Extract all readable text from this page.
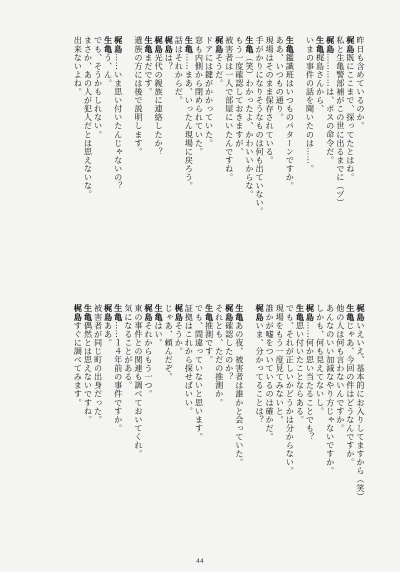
昨日も含めているのか。
梶島既にここまで、探ってたとはね。
私と生亀警部補がこの世に出るまでに（ヅ）
梶島…………は、ボスの命令だ。
生亀梶島さんから、
いまの事件の話を聞いたのは……。
生亀鑑識班はいつものパターンですか。
ああ、いつもの通り。
現場はそのまま保存されている。
手がかりになりそうなものは何も出ていない。
生亀（笑）わかったよ、かわいいからな。
もう一度確認しておきますが、
被害者は一人で部屋にいたんですね。
梶島そうだ。
ドアには鍵がかかっていた。
窓も内側から閉められていた。
生亀……まあ、いったん現場に戻ろう。
話はそれからだ。
梶島は？
梶島光代の親族に連絡したか？
生亀まだです。
遺族の方には後で説明します。
梶島……いま思い付いたんじゃないの？
生亀う、ん。
でも、そうかもしれない。
まさか、あの人が犯人だとは思えないな。
出来ないよね。
梶島いえいえ、基本的にお入りしてますから（笑）
生亀じゃあ、今回の件はどうなんですか。
他の人は何も言わないんですか。
あんなのいい加減なやり方じゃないですか。
しかも、何も見えてないし。
梶島……何か思い当たることでも？
生亀思い付いたことならある。
でも、それが正しいかどうかは分からない。
現場をもう一度見てみないと。
誰かが嘘をついているのは確かだ。
梶島いま、分かってることは？
生亀あの夜、被害者は誰かと会っていた。
梶島確認したのか？
それとも、ただの推測か。
生亀推測です。
でも、間違っていないと思います。
証拠はこれから探せばいい。
梶島そうか。
じゃあ、頼んだぞ。
生亀はい。
梶島それからもう一つ。
東の事件との関連も調べておいてくれ。
気になることがある。
生亀……１４年前の事件ですか。
梶島ああ。
被害者が同じ町の出身だった。
生亀偶然とは思えないですね。
梶島すぐに調べてみます。
44
